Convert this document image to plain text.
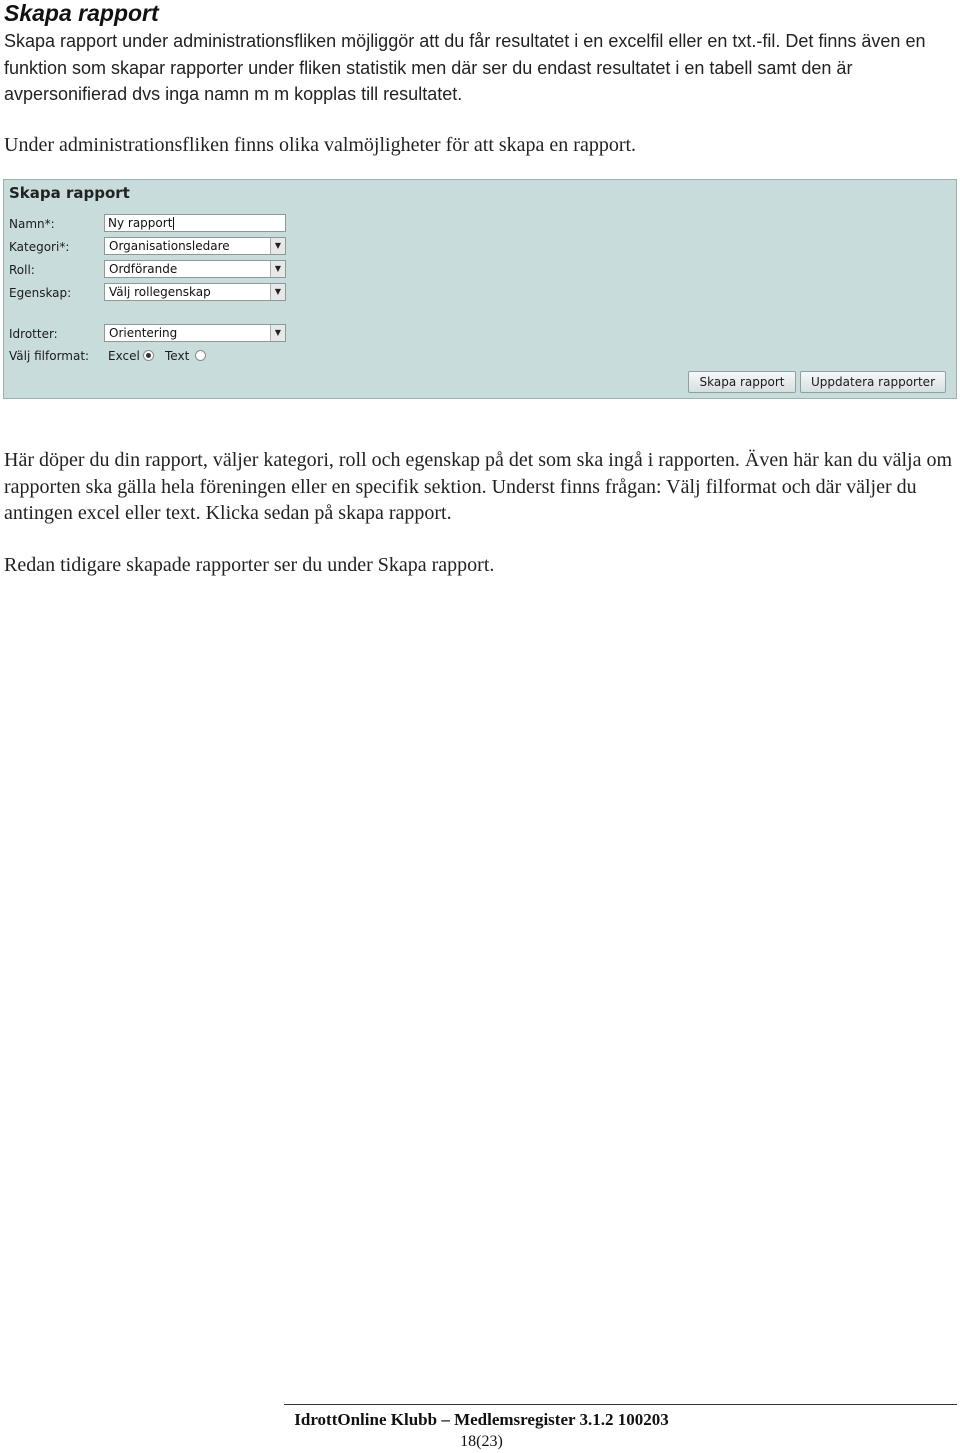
Skapa rapport

Skapa rapport under administrationsfliken möjliggör att du får resultatet i en excelfil eller en txt.-fil. Det finns även en funktion som skapar rapporter under fliken statistik men där ser du endast resultatet i en tabell samt den är avpersonifierad dvs inga namn m m kopplas till resultatet.

Under administrationsfliken finns olika valmöjligheter för att skapa en rapport.

Skapa rapport
Namn*:	Ny rapport
Kategori*:	Organisationsledare	▼
Roll:	Ordförande	▼
Egenskap:	Välj rollegenskap	▼
Idrotter:	Orientering	▼
Välj filformat: Excel Text
Skapa rapport	Uppdatera rapporter

Här döper du din rapport, väljer kategori, roll och egenskap på det som ska ingå i rapporten. Även här kan du välja om rapporten ska gälla hela föreningen eller en specifik sektion. Underst finns frågan: Välj filformat och där väljer du antingen excel eller text. Klicka sedan på skapa rapport.

Redan tidigare skapade rapporter ser du under Skapa rapport.

IdrottOnline Klubb – Medlemsregister 3.1.2 100203
18(23)
